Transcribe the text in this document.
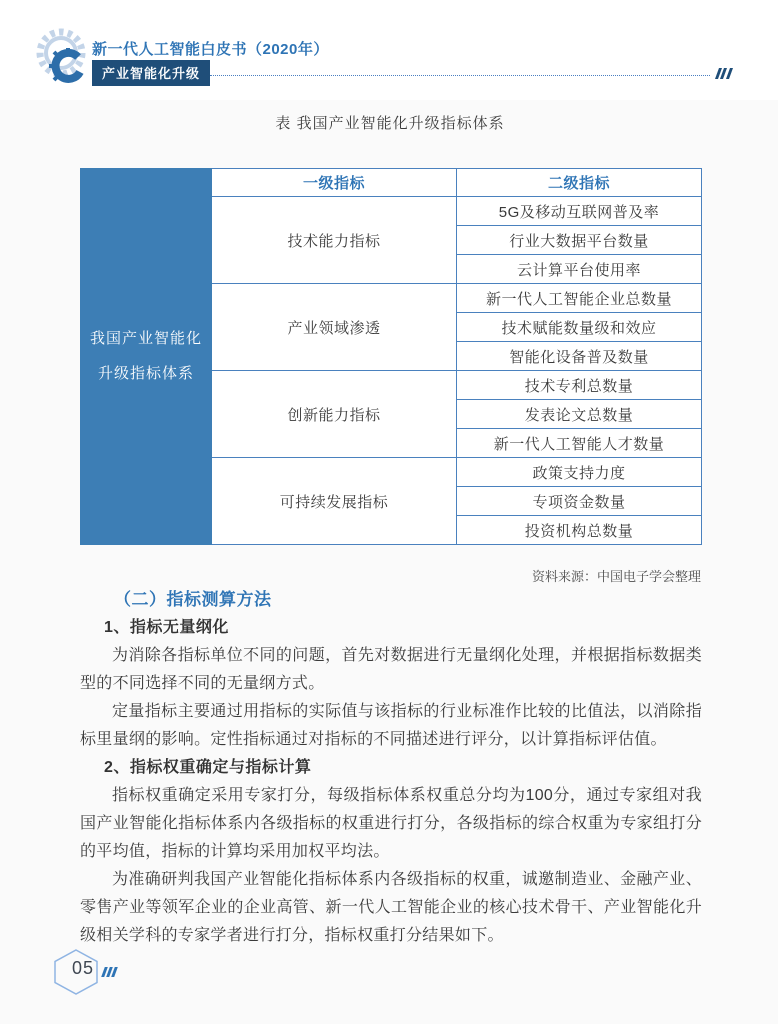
新一代人工智能白皮书（2020年）
产业智能化升级
表 我国产业智能化升级指标体系
我国产业智能化
升级指标体系	一级指标	二级指标
	技术能力指标	5G及移动互联网普及率
		行业大数据平台数量
		云计算平台使用率
	产业领域渗透	新一代人工智能企业总数量
		技术赋能数量级和效应
		智能化设备普及数量
	创新能力指标	技术专利总数量
		发表论文总数量
		新一代人工智能人才数量
	可持续发展指标	政策支持力度
		专项资金数量
		投资机构总数量
资料来源：中国电子学会整理
（二）指标测算方法
1、指标无量纲化

为消除各指标单位不同的问题，首先对数据进行无量纲化处理，并根据指标数据类型的不同选择不同的无量纲方式。

定量指标主要通过用指标的实际值与该指标的行业标准作比较的比值法，以消除指标里量纲的影响。定性指标通过对指标的不同描述进行评分，以计算指标评估值。

2、指标权重确定与指标计算

指标权重确定采用专家打分，每级指标体系权重总分均为100分，通过专家组对我国产业智能化指标体系内各级指标的权重进行打分，各级指标的综合权重为专家组打分的平均值，指标的计算均采用加权平均法。

为准确研判我国产业智能化指标体系内各级指标的权重，诚邀制造业、金融产业、零售产业等领军企业的企业高管、新一代人工智能企业的核心技术骨干、产业智能化升级相关学科的专家学者进行打分，指标权重打分结果如下。

05
